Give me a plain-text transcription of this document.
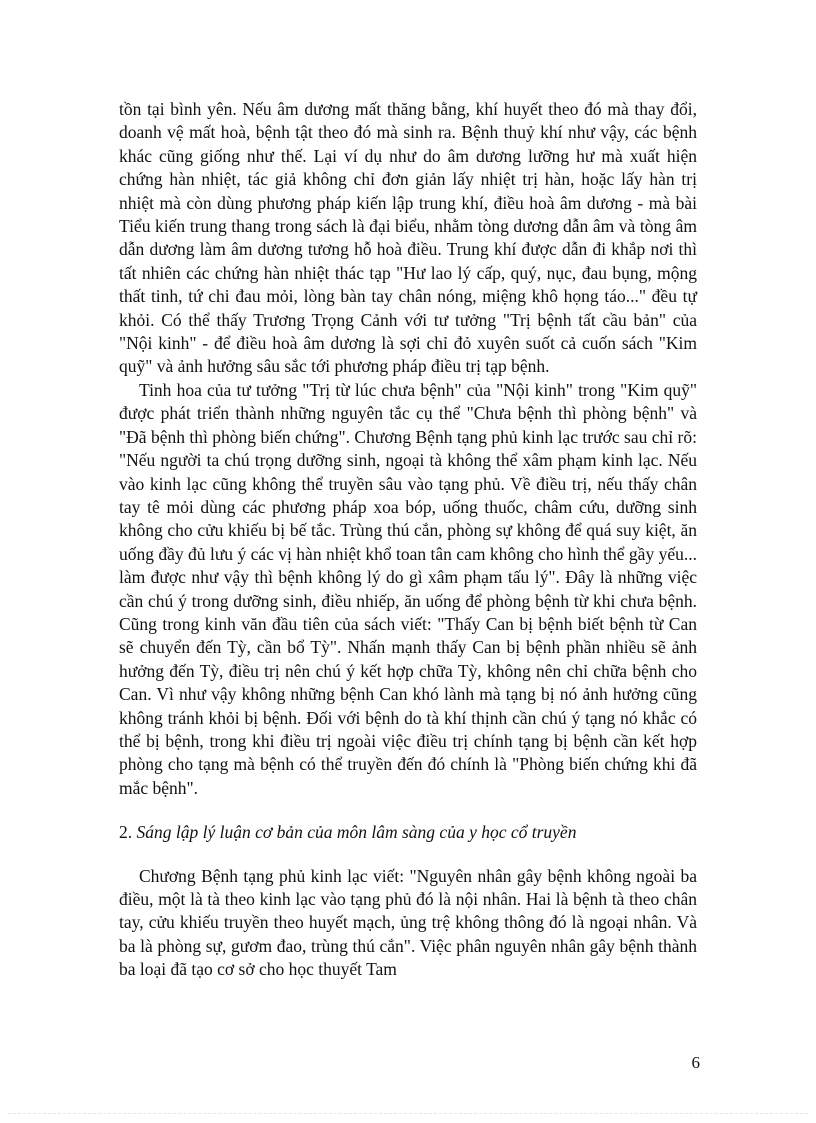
tồn tại bình yên. Nếu âm dương mất thăng bằng, khí huyết theo đó mà thay đổi, doanh vệ mất hoà, bệnh tật theo đó mà sinh ra. Bệnh thuỷ khí như vậy, các bệnh khác cũng giống như thế. Lại ví dụ như do âm dương lưỡng hư mà xuất hiện chứng hàn nhiệt, tác giả không chỉ đơn giản lấy nhiệt trị hàn, hoặc lấy hàn trị nhiệt mà còn dùng phương pháp kiến lập trung khí, điều hoà âm dương - mà bài Tiểu kiến trung thang trong sách là đại biểu, nhằm tòng dương dẫn âm và tòng âm dẫn dương làm âm dương tương hỗ hoà điều. Trung khí được dẫn đi khắp nơi thì tất nhiên các chứng hàn nhiệt thác tạp "Hư lao lý cấp, quý, nục, đau bụng, mộng thất tinh, tứ chi đau mỏi, lòng bàn tay chân nóng, miệng khô họng táo..." đều tự khỏi. Có thể thấy Trương Trọng Cảnh với tư tưởng "Trị bệnh tất cầu bản" của "Nội kinh" - để điều hoà âm dương là sợi chỉ đỏ xuyên suốt cả cuốn sách "Kim quỹ" và ảnh hưởng sâu sắc tới phương pháp điều trị tạp bệnh.

Tinh hoa của tư tưởng "Trị từ lúc chưa bệnh" của "Nội kinh" trong "Kim quỹ" được phát triển thành những nguyên tắc cụ thể "Chưa bệnh thì phòng bệnh" và "Đã bệnh thì phòng biến chứng". Chương Bệnh tạng phủ kinh lạc trước sau chỉ rõ: "Nếu người ta chú trọng dưỡng sinh, ngoại tà không thể xâm phạm kinh lạc. Nếu vào kinh lạc cũng không thể truyền sâu vào tạng phủ. Về điều trị, nếu thấy chân tay tê mỏi dùng các phương pháp xoa bóp, uống thuốc, châm cứu, dưỡng sinh không cho cửu khiếu bị bế tắc. Trùng thú cắn, phòng sự không để quá suy kiệt, ăn uống đầy đủ lưu ý các vị hàn nhiệt khổ toan tân cam không cho hình thể gầy yếu... làm được như vậy thì bệnh không lý do gì xâm phạm tấu lý". Đây là những việc cần chú ý trong dưỡng sinh, điều nhiếp, ăn uống để phòng bệnh từ khi chưa bệnh. Cũng trong kinh văn đầu tiên của sách viết: "Thấy Can bị bệnh biết bệnh từ Can sẽ chuyển đến Tỳ, cần bổ Tỳ". Nhấn mạnh thấy Can bị bệnh phần nhiều sẽ ảnh hưởng đến Tỳ, điều trị nên chú ý kết hợp chữa Tỳ, không nên chỉ chữa bệnh cho Can. Vì như vậy không những bệnh Can khó lành mà tạng bị nó ảnh hưởng cũng không tránh khỏi bị bệnh. Đối với bệnh do tà khí thịnh cần chú ý tạng nó khắc có thể bị bệnh, trong khi điều trị ngoài việc điều trị chính tạng bị bệnh cần kết hợp phòng cho tạng mà bệnh có thể truyền đến đó chính là "Phòng biến chứng khi đã mắc bệnh".

2. Sáng lập lý luận cơ bản của môn lâm sàng của y học cổ truyền

Chương Bệnh tạng phủ kinh lạc viết: "Nguyên nhân gây bệnh không ngoài ba điều, một là tà theo kinh lạc vào tạng phủ đó là nội nhân. Hai là bệnh tà theo chân tay, cửu khiếu truyền theo huyết mạch, ủng trệ không thông đó là ngoại nhân. Và ba là phòng sự, gươm đao, trùng thú cắn". Việc phân nguyên nhân gây bệnh thành ba loại đã tạo cơ sở cho học thuyết Tam

6
